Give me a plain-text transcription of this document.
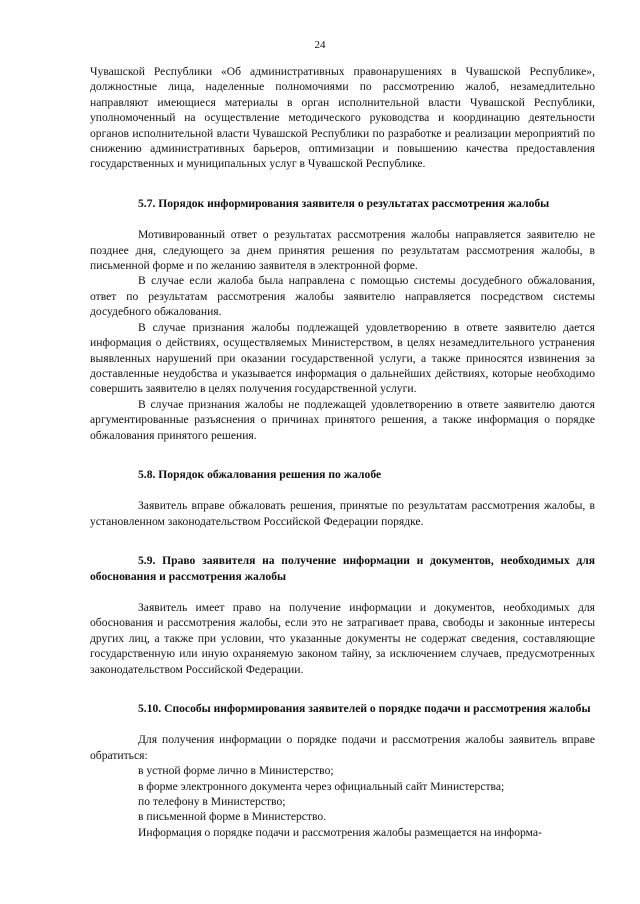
24

Чувашской Республики «Об административных правонарушениях в Чувашской Республике», должностные лица, наделенные полномочиями по рассмотрению жалоб, незамедлительно направляют имеющиеся материалы в орган исполнительной власти Чувашской Республики, уполномоченный на осуществление методического руководства и координацию деятельности органов исполнительной власти Чувашской Республики по разработке и реализации мероприятий по снижению административных барьеров, оптимизации и повышению качества предоставления государственных и муниципальных услуг в Чувашской Республике.

5.7. Порядок информирования заявителя о результатах рассмотрения жалобы

Мотивированный ответ о результатах рассмотрения жалобы направляется заявителю не позднее дня, следующего за днем принятия решения по результатам рассмотрения жалобы, в письменной форме и по желанию заявителя в электронной форме.

В случае если жалоба была направлена с помощью системы досудебного обжалования, ответ по результатам рассмотрения жалобы заявителю направляется посредством системы досудебного обжалования.

В случае признания жалобы подлежащей удовлетворению в ответе заявителю дается информация о действиях, осуществляемых Министерством, в целях незамедлительного устранения выявленных нарушений при оказании государственной услуги, а также приносятся извинения за доставленные неудобства и указывается информация о дальнейших действиях, которые необходимо совершить заявителю в целях получения государственной услуги.

В случае признания жалобы не подлежащей удовлетворению в ответе заявителю даются аргументированные разъяснения о причинах принятого решения, а также информация о порядке обжалования принятого решения.

5.8. Порядок обжалования решения по жалобе

Заявитель вправе обжаловать решения, принятые по результатам рассмотрения жалобы, в установленном законодательством Российской Федерации порядке.

5.9. Право заявителя на получение информации и документов, необходимых для обоснования и рассмотрения жалобы

Заявитель имеет право на получение информации и документов, необходимых для обоснования и рассмотрения жалобы, если это не затрагивает права, свободы и законные интересы других лиц, а также при условии, что указанные документы не содержат сведения, составляющие государственную или иную охраняемую законом тайну, за исключением случаев, предусмотренных законодательством Российской Федерации.

5.10. Способы информирования заявителей о порядке подачи и рассмотрения жалобы

Для получения информации о порядке подачи и рассмотрения жалобы заявитель вправе обратиться:

в устной форме лично в Министерство;

в форме электронного документа через официальный сайт Министерства;

по телефону в Министерство;

в письменной форме в Министерство.

Информация о порядке подачи и рассмотрения жалобы размещается на информа-
